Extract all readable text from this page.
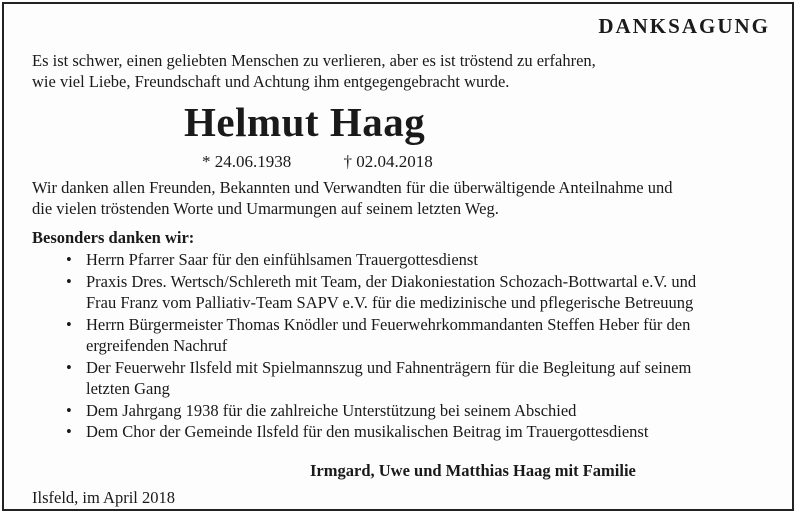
DANKSAGUNG
Es ist schwer, einen geliebten Menschen zu verlieren, aber es ist tröstend zu erfahren,
wie viel Liebe, Freundschaft und Achtung ihm entgegengebracht wurde.
Helmut Haag
* 24.06.1938	† 02.04.2018
Wir danken allen Freunden, Bekannten und Verwandten für die überwältigende Anteilnahme und
die vielen tröstenden Worte und Umarmungen auf seinem letzten Weg.
Besonders danken wir:
• Herrn Pfarrer Saar für den einfühlsamen Trauergottesdienst
• Praxis Dres. Wertsch/Schlereth mit Team, der Diakoniestation Schozach-Bottwartal e.V. und
Frau Franz vom Palliativ-Team SAPV e.V. für die medizinische und pflegerische Betreuung
• Herrn Bürgermeister Thomas Knödler und Feuerwehrkommandanten Steffen Heber für den
ergreifenden Nachruf
• Der Feuerwehr Ilsfeld mit Spielmannszug und Fahnenträgern für die Begleitung auf seinem
letzten Gang
• Dem Jahrgang 1938 für die zahlreiche Unterstützung bei seinem Abschied
• Dem Chor der Gemeinde Ilsfeld für den musikalischen Beitrag im Trauergottesdienst
Irmgard, Uwe und Matthias Haag mit Familie
Ilsfeld, im April 2018
